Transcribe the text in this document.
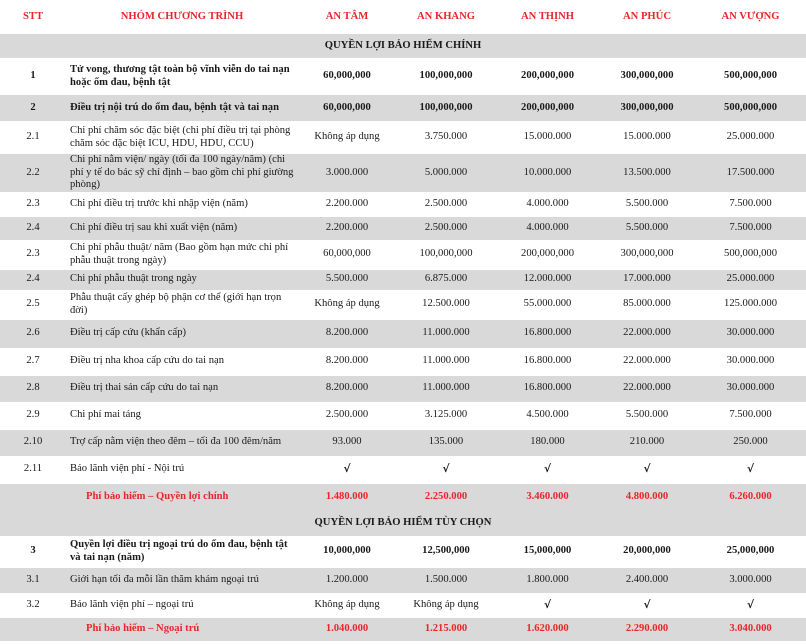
STT	NHÓM CHƯƠNG TRÌNH	AN TÂM	AN KHANG	AN THỊNH	AN PHÚC	AN VƯỢNG
QUYỀN LỢI BẢO HIỂM CHÍNH						
1	Tử vong, thương tật toàn bộ vĩnh viễn do tai nạn hoặc ốm đau, bệnh tật	60,000,000	100,000,000	200,000,000	300,000,000	500,000,000
2	Điều trị nội trú do ốm đau, bệnh tật và tai nạn	60,000,000	100,000,000	200,000,000	300,000,000	500,000,000
2.1	Chi phí chăm sóc đặc biệt (chi phí điều trị tại phòng chăm sóc đặc biệt ICU, HDU, HDU, CCU)	Không áp dụng	3.750.000	15.000.000	15.000.000	25.000.000
2.2	Chi phí nằm viện/ ngày (tối đa 100 ngày/năm) (chi phí y tế do bác sỹ chỉ định – bao gồm chi phí giường phòng)	3.000.000	5.000.000	10.000.000	13.500.000	17.500.000
2.3	Chi phí điều trị trước khi nhập viện (năm)	2.200.000	2.500.000	4.000.000	5.500.000	7.500.000
2.4	Chi phí điều trị sau khi xuất viện (năm)	2.200.000	2.500.000	4.000.000	5.500.000	7.500.000
2.3	Chi phí phẫu thuật/ năm (Bao gồm hạn mức chi phí phẫu thuật trong ngày)	60,000,000	100,000,000	200,000,000	300,000,000	500,000,000
2.4	Chi phí phẫu thuật trong ngày	5.500.000	6.875.000	12.000.000	17.000.000	25.000.000
2.5	Phẫu thuật cấy ghép bộ phận cơ thể (giới hạn trọn đời)	Không áp dụng	12.500.000	55.000.000	85.000.000	125.000.000
2.6	Điều trị cấp cứu (khẩn cấp)	8.200.000	11.000.000	16.800.000	22.000.000	30.000.000
2.7	Điều trị nha khoa cấp cứu do tai nạn	8.200.000	11.000.000	16.800.000	22.000.000	30.000.000
2.8	Điều trị thai sản cấp cứu do tai nạn	8.200.000	11.000.000	16.800.000	22.000.000	30.000.000
2.9	Chi phí mai táng	2.500.000	3.125.000	4.500.000	5.500.000	7.500.000
2.10	Trợ cấp nằm viện theo đêm – tối đa 100 đêm/năm	93.000	135.000	180.000	210.000	250.000
2.11	Bảo lãnh viện phí - Nội trú	√	√	√	√	√
	Phí bảo hiểm – Quyền lợi chính	1.480.000	2.250.000	3.460.000	4.800.000	6.260.000
QUYỀN LỢI BẢO HIỂM TÙY CHỌN						
3	Quyền lợi điều trị ngoại trú do ốm đau, bệnh tật và tai nạn (năm)	10,000,000	12,500,000	15,000,000	20,000,000	25,000,000
3.1	Giới hạn tối đa mỗi lần thăm khám ngoại trú	1.200.000	1.500.000	1.800.000	2.400.000	3.000.000
3.2	Bảo lãnh viện phí – ngoại trú	Không áp dụng	Không áp dụng	√	√	√
	Phí bảo hiểm – Ngoại trú	1.040.000	1.215.000	1.620.000	2.290.000	3.040.000
